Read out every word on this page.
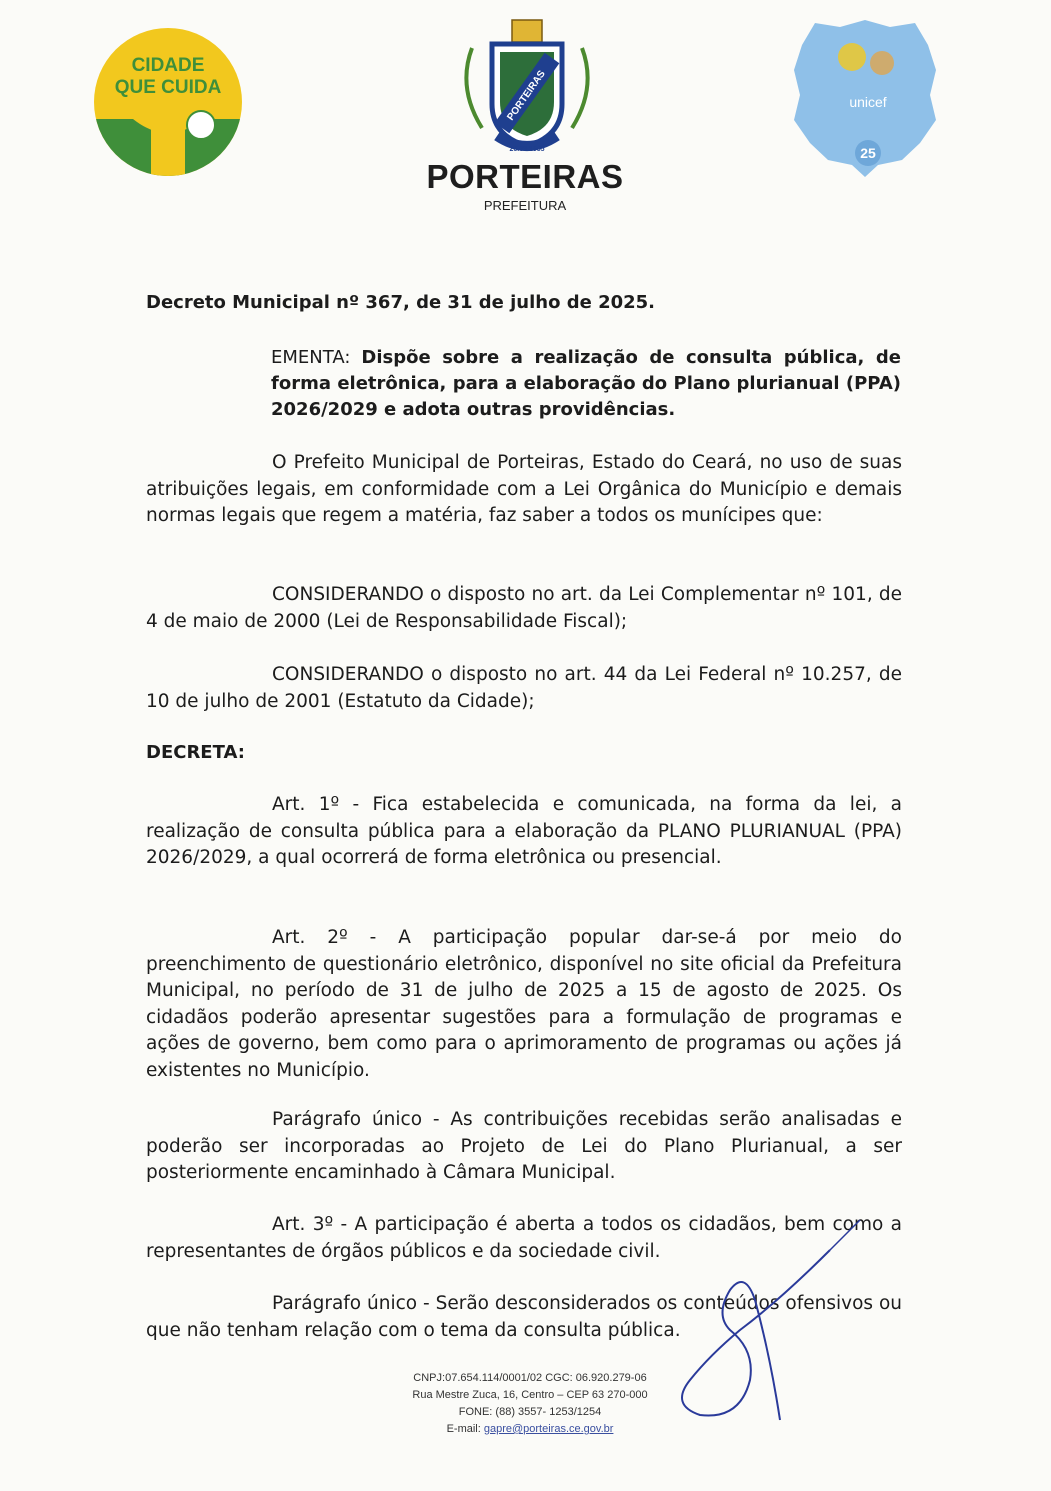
CIDADE
QUE CUIDA	PORTEIRAS
26.03.1955
PORTEIRAS
PREFEITURA
unicef
25
Decreto Municipal nº 367, de 31 de julho de 2025.
EMENTA: Dispõe sobre a realização de consulta pública, de forma eletrônica, para a elaboração do Plano plurianual (PPA) 2026/2029 e adota outras providências.

O Prefeito Municipal de Porteiras, Estado do Ceará, no uso de suas atribuições legais, em conformidade com a Lei Orgânica do Município e demais normas legais que regem a matéria, faz saber a todos os munícipes que:

CONSIDERANDO o disposto no art. da Lei Complementar nº 101, de 4 de maio de 2000 (Lei de Responsabilidade Fiscal);

CONSIDERANDO o disposto no art. 44 da Lei Federal nº 10.257, de 10 de julho de 2001 (Estatuto da Cidade);

DECRETA:

Art. 1º - Fica estabelecida e comunicada, na forma da lei, a realização de consulta pública para a elaboração da PLANO PLURIANUAL (PPA) 2026/2029, a qual ocorrerá de forma eletrônica ou presencial.

Art. 2º - A participação popular dar-se-á por meio do preenchimento de questionário eletrônico, disponível no site oficial da Prefeitura Municipal, no período de 31 de julho de 2025 a 15 de agosto de 2025. Os cidadãos poderão apresentar sugestões para a formulação de programas e ações de governo, bem como para o aprimoramento de programas ou ações já existentes no Município.

Parágrafo único - As contribuições recebidas serão analisadas e poderão ser incorporadas ao Projeto de Lei do Plano Plurianual, a ser posteriormente encaminhado à Câmara Municipal.

Art. 3º - A participação é aberta a todos os cidadãos, bem como a representantes de órgãos públicos e da sociedade civil.

Parágrafo único - Serão desconsiderados os conteúdos ofensivos ou que não tenham relação com o tema da consulta pública.

CNPJ:07.654.114/0001/02 CGC: 06.920.279-06
Rua Mestre Zuca, 16, Centro – CEP 63 270-000
FONE: (88) 3557- 1253/1254
E-mail: gapre@porteiras.ce.gov.br
